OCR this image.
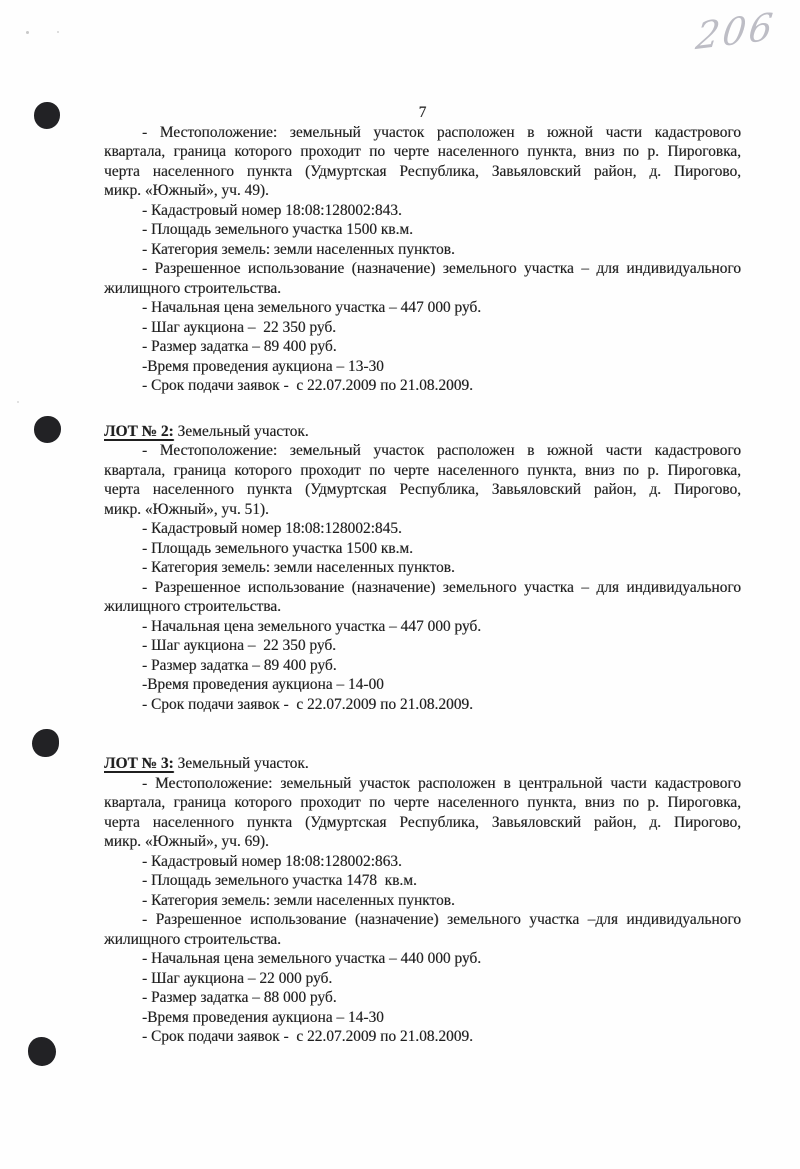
206
7
- Местоположение: земельный участок расположен в южной части кадастрового
квартала, граница которого проходит по черте населенного пункта, вниз по р. Пироговка,
черта населенного пункта (Удмуртская Республика, Завьяловский район, д. Пирогово,
микр. «Южный», уч. 49).

- Кадастровый номер 18:08:128002:843.

- Площадь земельного участка 1500 кв.м.

- Категория земель: земли населенных пунктов.

- Разрешенное использование (назначение) земельного участка – для индивидуального
жилищного строительства.

- Начальная цена земельного участка – 447 000 руб.

- Шаг аукциона –  22 350 руб.

- Размер задатка – 89 400 руб.

-Время проведения аукциона – 13-30

- Срок подачи заявок -  с 22.07.2009 по 21.08.2009.

ЛОТ № 2: Земельный участок.

- Местоположение: земельный участок расположен в южной части кадастрового
квартала, граница которого проходит по черте населенного пункта, вниз по р. Пироговка,
черта населенного пункта (Удмуртская Республика, Завьяловский район, д. Пирогово,
микр. «Южный», уч. 51).

- Кадастровый номер 18:08:128002:845.

- Площадь земельного участка 1500 кв.м.

- Категория земель: земли населенных пунктов.

- Разрешенное использование (назначение) земельного участка – для индивидуального
жилищного строительства.

- Начальная цена земельного участка – 447 000 руб.

- Шаг аукциона –  22 350 руб.

- Размер задатка – 89 400 руб.

-Время проведения аукциона – 14-00

- Срок подачи заявок -  с 22.07.2009 по 21.08.2009.

ЛОТ № 3: Земельный участок.

- Местоположение: земельный участок расположен в центральной части кадастрового
квартала, граница которого проходит по черте населенного пункта, вниз по р. Пироговка,
черта населенного пункта (Удмуртская Республика, Завьяловский район, д. Пирогово,
микр. «Южный», уч. 69).

- Кадастровый номер 18:08:128002:863.

- Площадь земельного участка 1478  кв.м.

- Категория земель: земли населенных пунктов.

- Разрешенное использование (назначение) земельного участка –для индивидуального
жилищного строительства.

- Начальная цена земельного участка – 440 000 руб.

- Шаг аукциона – 22 000 руб.

- Размер задатка – 88 000 руб.

-Время проведения аукциона – 14-30

- Срок подачи заявок -  с 22.07.2009 по 21.08.2009.
